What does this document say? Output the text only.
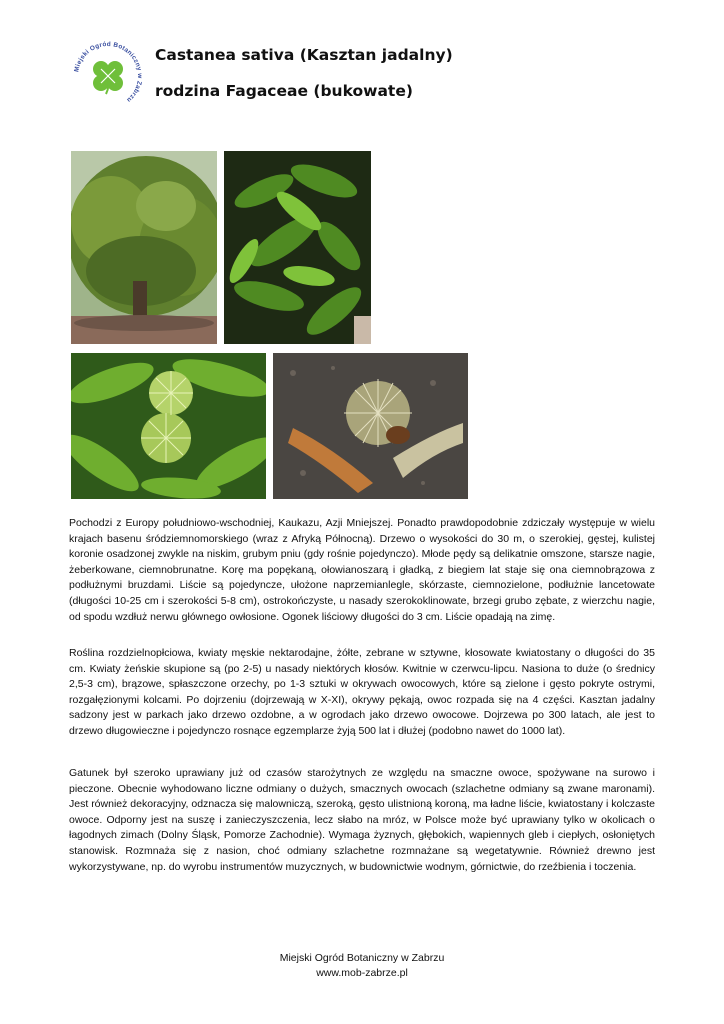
Miejski Ogród Botaniczny w Zabrzu
Castanea sativa (Kasztan jadalny)
rodzina Fagaceae (bukowate)

Pochodzi z Europy południowo-wschodniej, Kaukazu, Azji Mniejszej. Ponadto prawdopodobnie zdziczały występuje w wielu krajach basenu śródziemnomorskiego (wraz z Afryką Północną). Drzewo o wysokości do 30 m, o szerokiej, gęstej, kulistej koronie osadzonej zwykle na niskim, grubym pniu (gdy rośnie pojedynczo). Młode pędy są delikatnie omszone, starsze nagie, żeberkowane, ciemnobrunatne. Korę ma popękaną, ołowianoszarą i gładką, z biegiem lat staje się ona ciemnobrązowa z podłużnymi bruzdami. Liście są pojedyncze, ułożone naprzemianlegle, skórzaste, ciemnozielone, podłużnie lancetowate (długości 10-25 cm i szerokości 5-8 cm), ostrokończyste, u nasady szerokoklinowate, brzegi grubo zębate, z wierzchu nagie, od spodu wzdłuż nerwu głównego owłosione. Ogonek liściowy długości do 3 cm. Liście opadają na zimę.

Roślina rozdzielnopłciowa, kwiaty męskie nektarodajne, żółte, zebrane w sztywne, kłosowate kwiatostany o długości do 35 cm. Kwiaty żeńskie skupione są (po 2-5) u nasady niektórych kłosów. Kwitnie w czerwcu-lipcu. Nasiona to duże (o średnicy 2,5-3 cm), brązowe, spłaszczone orzechy, po 1-3 sztuki w okrywach owocowych, które są zielone i gęsto pokryte ostrymi, rozgałęzionymi kolcami. Po dojrzeniu (dojrzewają w X-XI), okrywy pękają, owoc rozpada się na 4 części. Kasztan jadalny sadzony jest w parkach jako drzewo ozdobne, a w ogrodach jako drzewo owocowe. Dojrzewa po 300 latach, ale jest to drzewo długowieczne i pojedynczo rosnące egzemplarze żyją 500 lat i dłużej (podobno nawet do 1000 lat).

Gatunek był szeroko uprawiany już od czasów starożytnych ze względu na smaczne owoce, spożywane na surowo i pieczone. Obecnie wyhodowano liczne odmiany o dużych, smacznych owocach (szlachetne odmiany są zwane maronami). Jest również dekoracyjny, odznacza się malowniczą, szeroką, gęsto ulistnioną koroną, ma ładne liście, kwiatostany i kolczaste owoce. Odporny jest na suszę i zanieczyszczenia, lecz słabo na mróz, w Polsce może być uprawiany tylko w okolicach o łagodnych zimach (Dolny Śląsk, Pomorze Zachodnie). Wymaga żyznych, głębokich, wapiennych gleb i ciepłych, osłoniętych stanowisk. Rozmnaża się z nasion, choć odmiany szlachetne rozmnażane są wegetatywnie. Również drewno jest wykorzystywane, np. do wyrobu instrumentów muzycznych, w budownictwie wodnym, górnictwie, do rzeźbienia i toczenia.

Miejski Ogród Botaniczny w Zabrzu
www.mob-zabrze.pl
